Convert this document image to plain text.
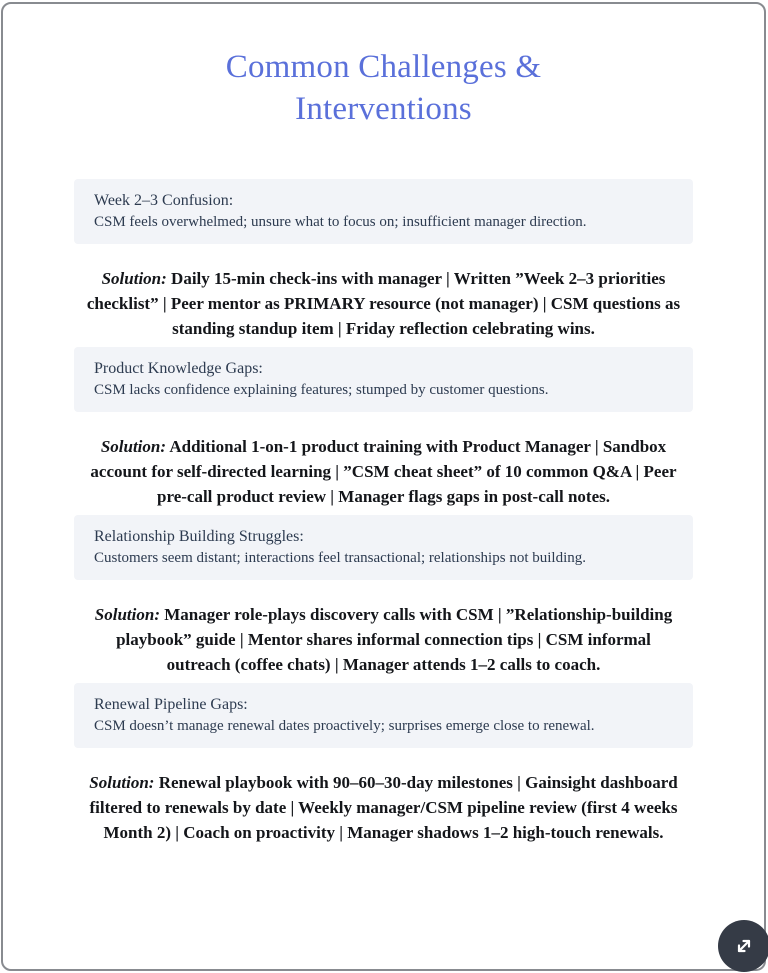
Common Challenges & Interventions
Week 2–3 Confusion:
CSM feels overwhelmed; unsure what to focus on; insufficient manager direction.

Solution: Daily 15-min check-ins with manager | Written ”Week 2–3 priorities checklist” | Peer mentor as PRIMARY resource (not manager) | CSM questions as standing standup item | Friday reflection celebrating wins.

Product Knowledge Gaps:
CSM lacks confidence explaining features; stumped by customer questions.

Solution: Additional 1-on-1 product training with Product Manager | Sandbox account for self-directed learning | ”CSM cheat sheet” of 10 common Q&A | Peer pre-call product review | Manager flags gaps in post-call notes.

Relationship Building Struggles:
Customers seem distant; interactions feel transactional; relationships not building.

Solution: Manager role-plays discovery calls with CSM | ”Relationship-building playbook” guide | Mentor shares informal connection tips | CSM informal outreach (coffee chats) | Manager attends 1–2 calls to coach.

Renewal Pipeline Gaps:
CSM doesn’t manage renewal dates proactively; surprises emerge close to renewal.

Solution: Renewal playbook with 90–60–30-day milestones | Gainsight dashboard filtered to renewals by date | Weekly manager/CSM pipeline review (first 4 weeks Month 2) | Coach on proactivity | Manager shadows 1–2 high-touch renewals.
